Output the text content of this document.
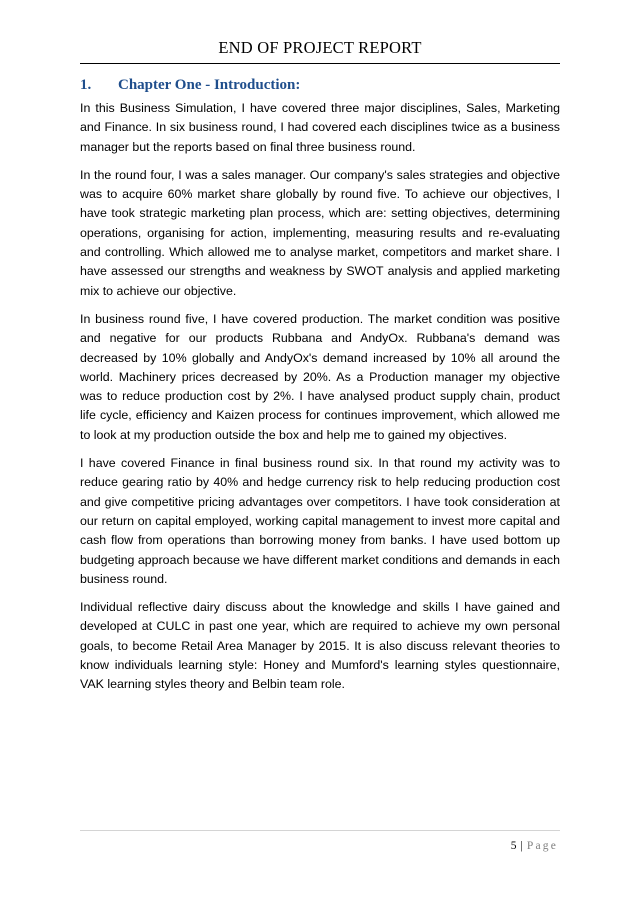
END OF PROJECT REPORT
1. Chapter One - Introduction:

In this Business Simulation, I have covered three major disciplines, Sales, Marketing and Finance. In six business round, I had covered each disciplines twice as a business manager but the reports based on final three business round.

In the round four, I was a sales manager. Our company's sales strategies and objective was to acquire 60% market share globally by round five. To achieve our objectives, I have took strategic marketing plan process, which are: setting objectives, determining operations, organising for action, implementing, measuring results and re-evaluating and controlling. Which allowed me to analyse market, competitors and market share. I have assessed our strengths and weakness by SWOT analysis and applied marketing mix to achieve our objective.

In business round five, I have covered production. The market condition was positive and negative for our products Rubbana and AndyOx. Rubbana's demand was decreased by 10% globally and AndyOx's demand increased by 10% all around the world. Machinery prices decreased by 20%. As a Production manager my objective was to reduce production cost by 2%. I have analysed product supply chain, product life cycle, efficiency and Kaizen process for continues improvement, which allowed me to look at my production outside the box and help me to gained my objectives.

I have covered Finance in final business round six. In that round my activity was to reduce gearing ratio by 40% and hedge currency risk to help reducing production cost and give competitive pricing advantages over competitors. I have took consideration at our return on capital employed, working capital management to invest more capital and cash flow from operations than borrowing money from banks. I have used bottom up budgeting approach because we have different market conditions and demands in each business round.

Individual reflective dairy discuss about the knowledge and skills I have gained and developed at CULC in past one year, which are required to achieve my own personal goals, to become Retail Area Manager by 2015. It is also discuss relevant theories to know individuals learning style: Honey and Mumford's learning styles questionnaire, VAK learning styles theory and Belbin team role.

5 | Page
